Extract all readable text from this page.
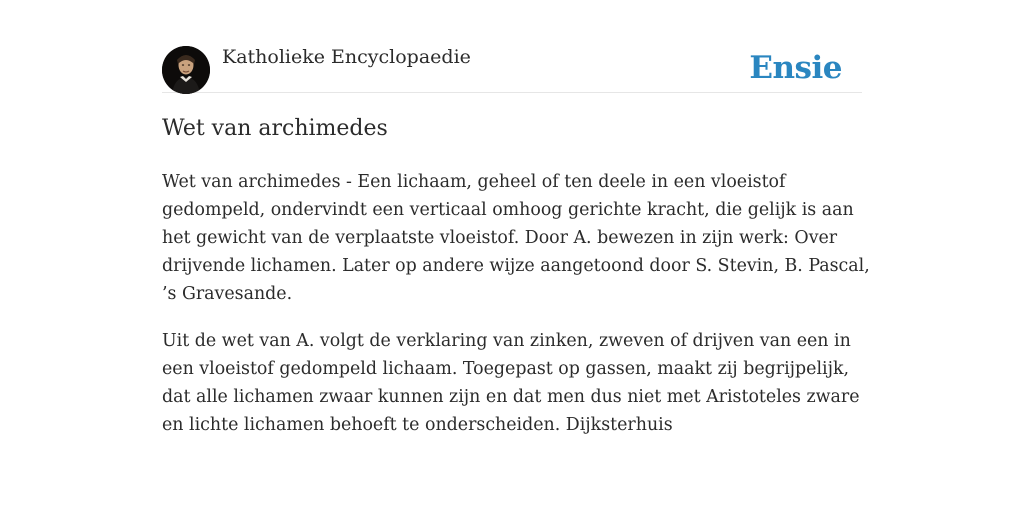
Katholieke Encyclopaedie	Ensie
Wet van archimedes

Wet van archimedes - Een lichaam, geheel of ten deele in een vloeistof gedompeld, ondervindt een verticaal omhoog gerichte kracht, die gelijk is aan het gewicht van de verplaatste vloeistof. Door A. bewezen in zijn werk: Over drijvende lichamen. Later op andere wijze aangetoond door S. Stevin, B. Pascal, ’s Gravesande.

Uit de wet van A. volgt de verklaring van zinken, zweven of drijven van een in een vloeistof gedompeld lichaam. Toegepast op gassen, maakt zij begrijpelijk, dat alle lichamen zwaar kunnen zijn en dat men dus niet met Aristoteles zware en lichte lichamen behoeft te onderscheiden. Dijksterhuis
